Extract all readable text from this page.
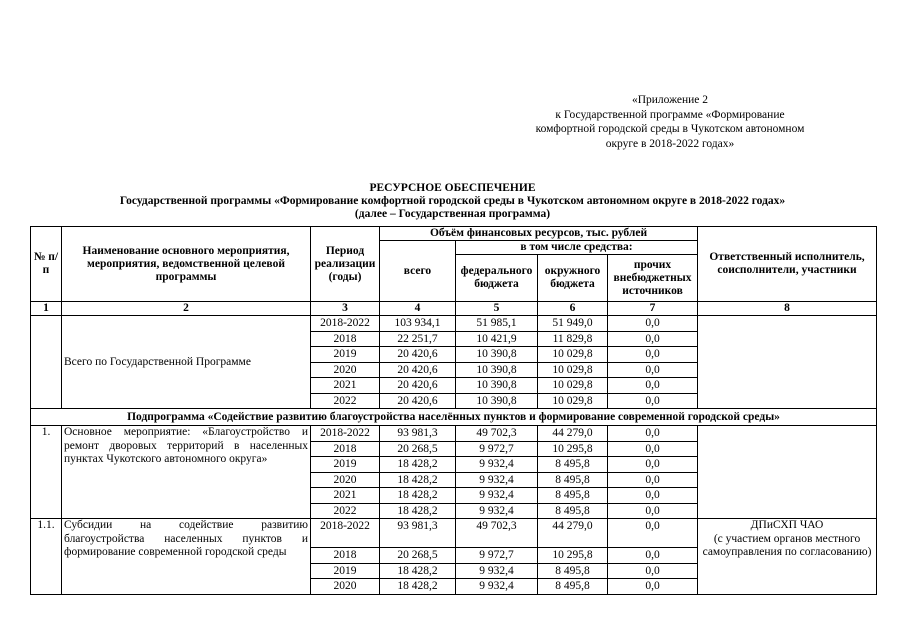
«Приложение 2
к Государственной программе «Формирование
комфортной городской среды в Чукотском автономном
округе в 2018-2022 годах»
РЕСУРСНОЕ ОБЕСПЕЧЕНИЕ
Государственной программы «Формирование комфортной городской среды в Чукотском автономном округе в 2018-2022 годах»
(далее – Государственная программа)
№ п/п	Наименование основного мероприятия, мероприятия, ведомственной целевой программы	Период реализации (годы)	Объём финансовых ресурсов, тыс. рублей				Ответственный исполнитель, соисполнители, участники
			всего	в том числе средства:			
				федерального бюджета	окружного бюджета	прочих внебюджетных источников	
1	2	3	4	5	6	7	8
	Всего по Государственной Программе	2018-2022	103 934,1	51 985,1	51 949,0	0,0	
		2018	22 251,7	10 421,9	11 829,8	0,0	
		2019	20 420,6	10 390,8	10 029,8	0,0	
		2020	20 420,6	10 390,8	10 029,8	0,0	
		2021	20 420,6	10 390,8	10 029,8	0,0	
		2022	20 420,6	10 390,8	10 029,8	0,0	
Подпрограмма «Содействие развитию благоустройства населённых пунктов и формирование современной городской среды»							
1.	Основное мероприятие: «Благоустройство и ремонт дворовых территорий в населенных пунктах Чукотского автономного округа»	2018-2022	93 981,3	49 702,3	44 279,0	0,0	
		2018	20 268,5	9 972,7	10 295,8	0,0	
		2019	18 428,2	9 932,4	8 495,8	0,0	
		2020	18 428,2	9 932,4	8 495,8	0,0	
		2021	18 428,2	9 932,4	8 495,8	0,0	
		2022	18 428,2	9 932,4	8 495,8	0,0	
1.1.	Субсидии на содействие развитию благоустройства населенных пунктов и формирование современной городской среды	2018-2022	93 981,3	49 702,3	44 279,0	0,0	ДПиСХП ЧАО
(с участием органов местного самоуправления по согласованию)

		2018	20 268,5	9 972,7	10 295,8	0,0	
		2019	18 428,2	9 932,4	8 495,8	0,0	
		2020	18 428,2	9 932,4	8 495,8	0,0	
